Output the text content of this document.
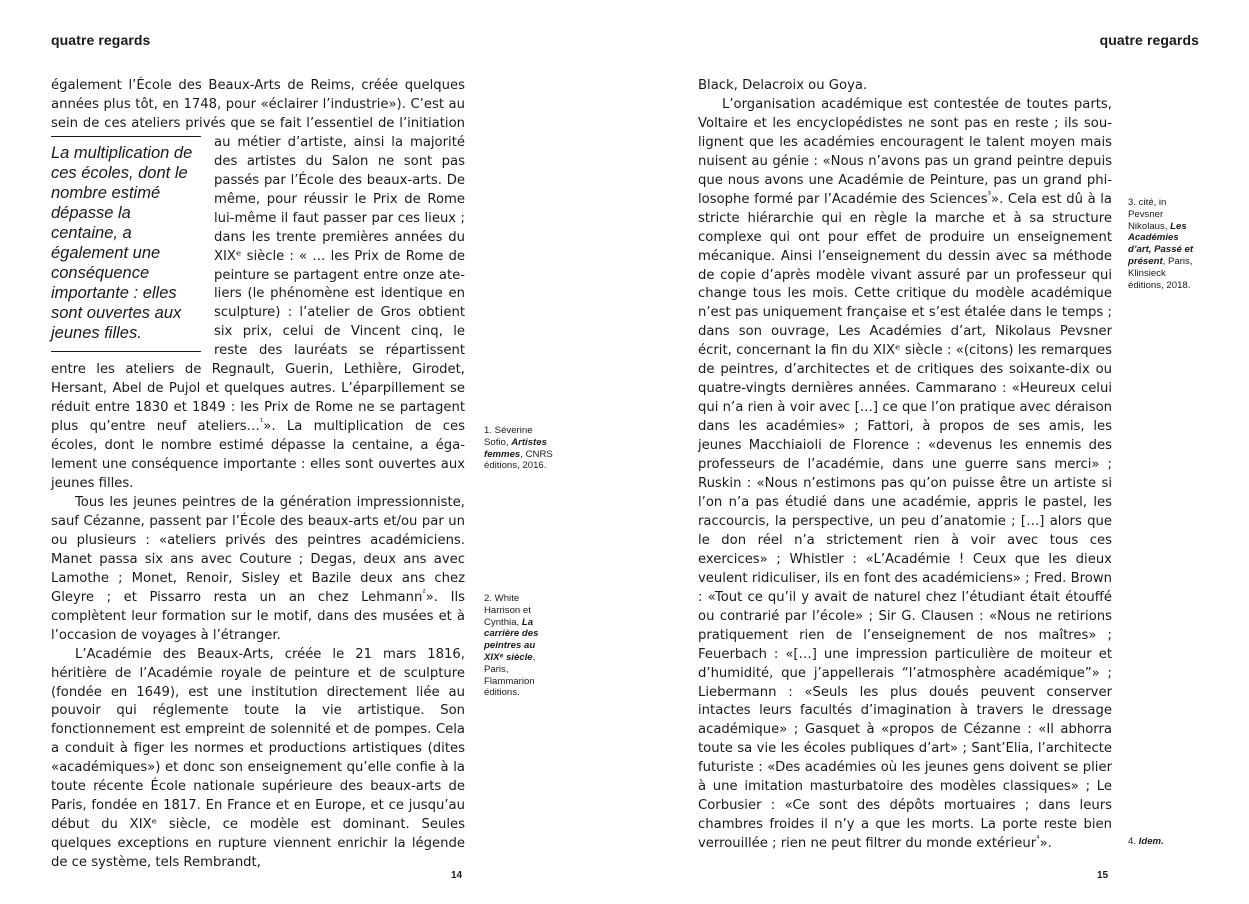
quatre regards

également l’École des Beaux-Arts de Reims, créée quelques années plus tôt, en 1748, pour «éclairer l’industrie»). C’est au sein de ces ateliers privés que se fait l’essentiel de l’initiation
La multiplication de ces écoles, dont le nombre estimé dépasse la centaine, a également une conséquence importante : elles sont ouvertes aux jeunes filles.
au métier d’artiste, ainsi la majorité des artistes du Salon ne sont pas passés par l’École des beaux-arts. De même, pour réussir le Prix de Rome lui-même il faut passer par ces lieux ; dans les trente premières années du XIXᵉ siècle : « … les Prix de Rome de peinture se partagent entre onze ateliers (le phénomène est identique en sculpture) : l’atelier de Gros obtient six prix, celui de Vincent cinq, le reste des lauréats se répartissent entre les ateliers de Regnault, Guerin, Lethière, Girodet, Hersant, Abel de Pujol et quelques autres. L’éparpillement se réduit entre 1830 et 1849 : les Prix de Rome ne se partagent plus qu’entre neuf ateliers…$^{^1}$». La multiplication de ces écoles, dont le nombre estimé dépasse la centaine, a également une conséquence importante : elles sont ouvertes aux jeunes filles.

Tous les jeunes peintres de la génération impressionniste, sauf Cézanne, passent par l’École des beaux-arts et/ou par un ou plusieurs : «ateliers privés des peintres académiciens. Manet passa six ans avec Couture ; Degas, deux ans avec Lamothe ; Monet, Renoir, Sisley et Bazile deux ans chez Gleyre ; et Pissarro resta un an chez Lehmann$^{^2}$». Ils complètent leur formation sur le motif, dans des musées et à l’occasion de voyages à l’étranger.

L’Académie des Beaux-Arts, créée le 21 mars 1816, héritière de l’Académie royale de peinture et de sculpture (fondée en 1649), est une institution directement liée au pouvoir qui réglemente toute la vie artistique. Son fonctionnement est empreint de solennité et de pompes. Cela a conduit à figer les normes et productions artistiques (dites «académiques») et donc son enseignement qu’elle confie à la toute récente École nationale supérieure des beaux-arts de Paris, fondée en 1817. En France et en Europe, et ce jusqu’au début du XIXᵉ siècle, ce modèle est dominant. Seules quelques exceptions en rupture viennent enrichir la légende de ce système, tels Rembrandt,

1. Séverine Sofio, Artistes femmes, CNRS éditions, 2016.
2. White Harrison et Cynthia, La carrière des peintres au XIXᵉ siècle, Paris, Flammarion éditions.
14
quatre regards

Black, Delacroix ou Goya.

L’organisation académique est contestée de toutes parts, Voltaire et les encyclopédistes ne sont pas en reste ; ils soulignent que les académies encouragent le talent moyen mais nuisent au génie : «Nous n’avons pas un grand peintre depuis que nous avons une Académie de Peinture, pas un grand philosophe formé par l’Académie des Sciences$^{^3}$». Cela est dû à la stricte hiérarchie qui en règle la marche et à sa structure complexe qui ont pour effet de produire un enseignement mécanique. Ainsi l’enseignement du dessin avec sa méthode de copie d’après modèle vivant assuré par un professeur qui change tous les mois. Cette critique du modèle académique n’est pas uniquement française et s’est étalée dans le temps ; dans son ouvrage, Les Académies d’art, Nikolaus Pevsner écrit, concernant la fin du XIXᵉ siècle : «(citons) les remarques de peintres, d’architectes et de critiques des soixante-dix ou quatre-vingts dernières années. Cammarano : «Heureux celui qui n’a rien à voir avec […] ce que l’on pratique avec déraison dans les académies» ; Fattori, à propos de ses amis, les jeunes Macchiaioli de Florence : «devenus les ennemis des professeurs de l’académie, dans une guerre sans merci» ; Ruskin : «Nous n’estimons pas qu’on puisse être un artiste si l’on n’a pas étudié dans une académie, appris le pastel, les raccourcis, la perspective, un peu d’anatomie ; […] alors que le don réel n’a strictement rien à voir avec tous ces exercices» ; Whistler : «L’Académie ! Ceux que les dieux veulent ridiculiser, ils en font des académiciens» ; Fred. Brown : «Tout ce qu’il y avait de naturel chez l’étudiant était étouffé ou contrarié par l’école» ; Sir G. Clausen : «Nous ne retirions pratiquement rien de l’enseignement de nos maîtres» ; Feuerbach : «[…] une impression particulière de moiteur et d’humidité, que j’appellerais “l’atmosphère académique”» ; Liebermann : «Seuls les plus doués peuvent conserver intactes leurs facultés d’imagination à travers le dressage académique» ; Gasquet à «propos de Cézanne : «Il abhorra toute sa vie les écoles publiques d’art» ; Sant’Elia, l’architecte futuriste : «Des académies où les jeunes gens doivent se plier à une imitation masturbatoire des modèles classiques» ; Le Corbusier : «Ce sont des dépôts mortuaires ; dans leurs chambres froides il n’y a que les morts. La porte reste bien verrouillée ; rien ne peut filtrer du monde extérieur$^{^4}$».

3. cité, in Pevsner Nikolaus, Les Académies d’art, Passé et présent, Paris, Klinsieck éditions, 2018.
4. Idem.
15
